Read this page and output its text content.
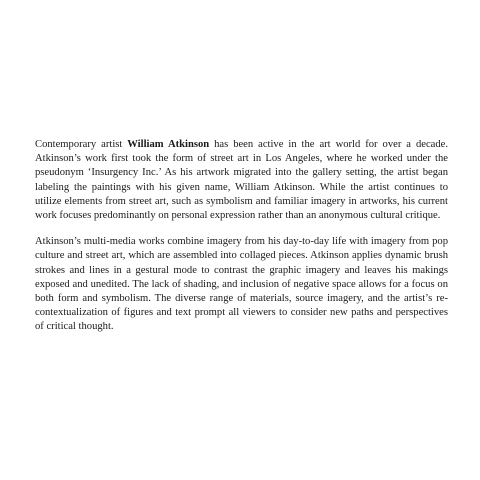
Contemporary artist William Atkinson has been active in the art world for over a decade. Atkinson’s work first took the form of street art in Los Angeles, where he worked under the pseudonym ‘Insurgency Inc.’ As his artwork migrated into the gallery setting, the artist began labeling the paintings with his given name, William Atkinson. While the artist continues to utilize elements from street art, such as symbolism and familiar imagery in artworks, his current work focuses predominantly on personal expression rather than an anonymous cultural critique.

Atkinson’s multi-media works combine imagery from his day-to-day life with imagery from pop culture and street art, which are assembled into collaged pieces. Atkinson applies dynamic brush strokes and lines in a gestural mode to contrast the graphic imagery and leaves his makings exposed and unedited. The lack of shading, and inclusion of negative space allows for a focus on both form and symbolism. The diverse range of materials, source imagery, and the artist’s re-contextualization of figures and text prompt all viewers to consider new paths and perspectives of critical thought.
